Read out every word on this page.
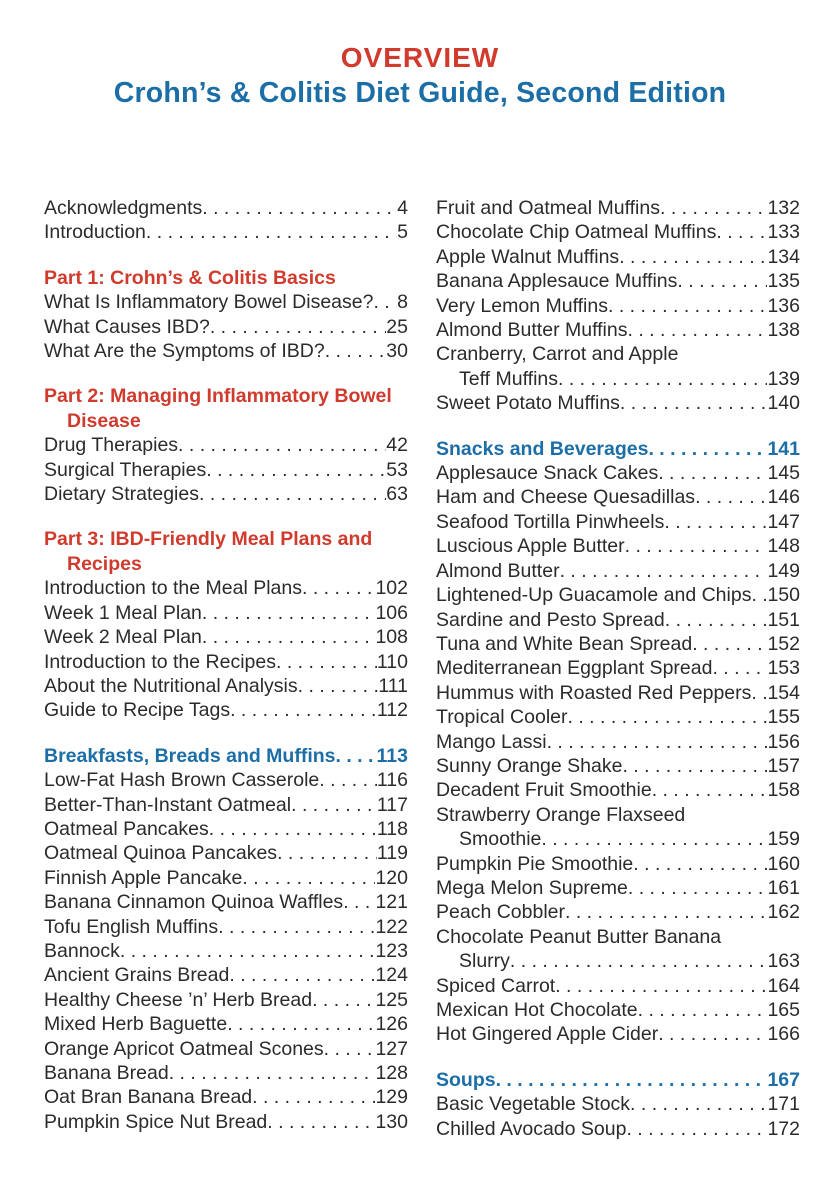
OVERVIEW
Crohn’s & Colitis Diet Guide, Second Edition
Acknowledgments . . .	4
Introduction . . .	5
Part 1: Crohn’s & Colitis Basics
What Is Inflammatory Bowel Disease? . . . 8
What Causes IBD? . . .	25
What Are the Symptoms of IBD? . . .	30
Part 2: Managing Inflammatory Bowel
Disease
Drug Therapies . . .	42
Surgical Therapies . . .	53
Dietary Strategies . . .	63
Part 3: IBD-Friendly Meal Plans and
Recipes
Introduction to the Meal Plans . . .	102
Week 1 Meal Plan . . .	106
Week 2 Meal Plan . . .	108
Introduction to the Recipes . . .	110
About the Nutritional Analysis . . .	111
Guide to Recipe Tags . . .	112
Breakfasts, Breads and Muffins . . . 113
Low-Fat Hash Brown Casserole . . .	116
Better-Than-Instant Oatmeal . . .	117
Oatmeal Pancakes . . .	118
Oatmeal Quinoa Pancakes . . .	119
Finnish Apple Pancake . . .	120
Banana Cinnamon Quinoa Waffles . . . 121
Tofu English Muffins . . .	122
Bannock . . .	123
Ancient Grains Bread . . .	124
Healthy Cheese ’n’ Herb Bread . . .	125
Mixed Herb Baguette . . .	126
Orange Apricot Oatmeal Scones . . .	127
Banana Bread . . .	128
Oat Bran Banana Bread . . .	129
Pumpkin Spice Nut Bread . . .	130
Fruit and Oatmeal Muffins . . .	132
Chocolate Chip Oatmeal Muffins . . .	133
Apple Walnut Muffins . . .	134
Banana Applesauce Muffins . . .	135
Very Lemon Muffins . . .	136
Almond Butter Muffins . . .	138
Cranberry, Carrot and Apple
Teff Muffins . . .	139
Sweet Potato Muffins . . .	140
Snacks and Beverages . . .	141
Applesauce Snack Cakes . . .	145
Ham and Cheese Quesadillas . . .	146
Seafood Tortilla Pinwheels . . .	147
Luscious Apple Butter . . .	148
Almond Butter . . .	149
Lightened-Up Guacamole and Chips . . . 150
Sardine and Pesto Spread . . .	151
Tuna and White Bean Spread . . .	152
Mediterranean Eggplant Spread . . .	153
Hummus with Roasted Red Peppers . . . 154
Tropical Cooler . . .	155
Mango Lassi . . .	156
Sunny Orange Shake . . .	157
Decadent Fruit Smoothie . . .	158
Strawberry Orange Flaxseed
Smoothie . . .	159
Pumpkin Pie Smoothie . . .	160
Mega Melon Supreme . . .	161
Peach Cobbler . . .	162
Chocolate Peanut Butter Banana
Slurry . . .	163
Spiced Carrot . . .	164
Mexican Hot Chocolate . . .	165
Hot Gingered Apple Cider . . .	166
Soups . . .	167
Basic Vegetable Stock . . .	171
Chilled Avocado Soup . . .	172
